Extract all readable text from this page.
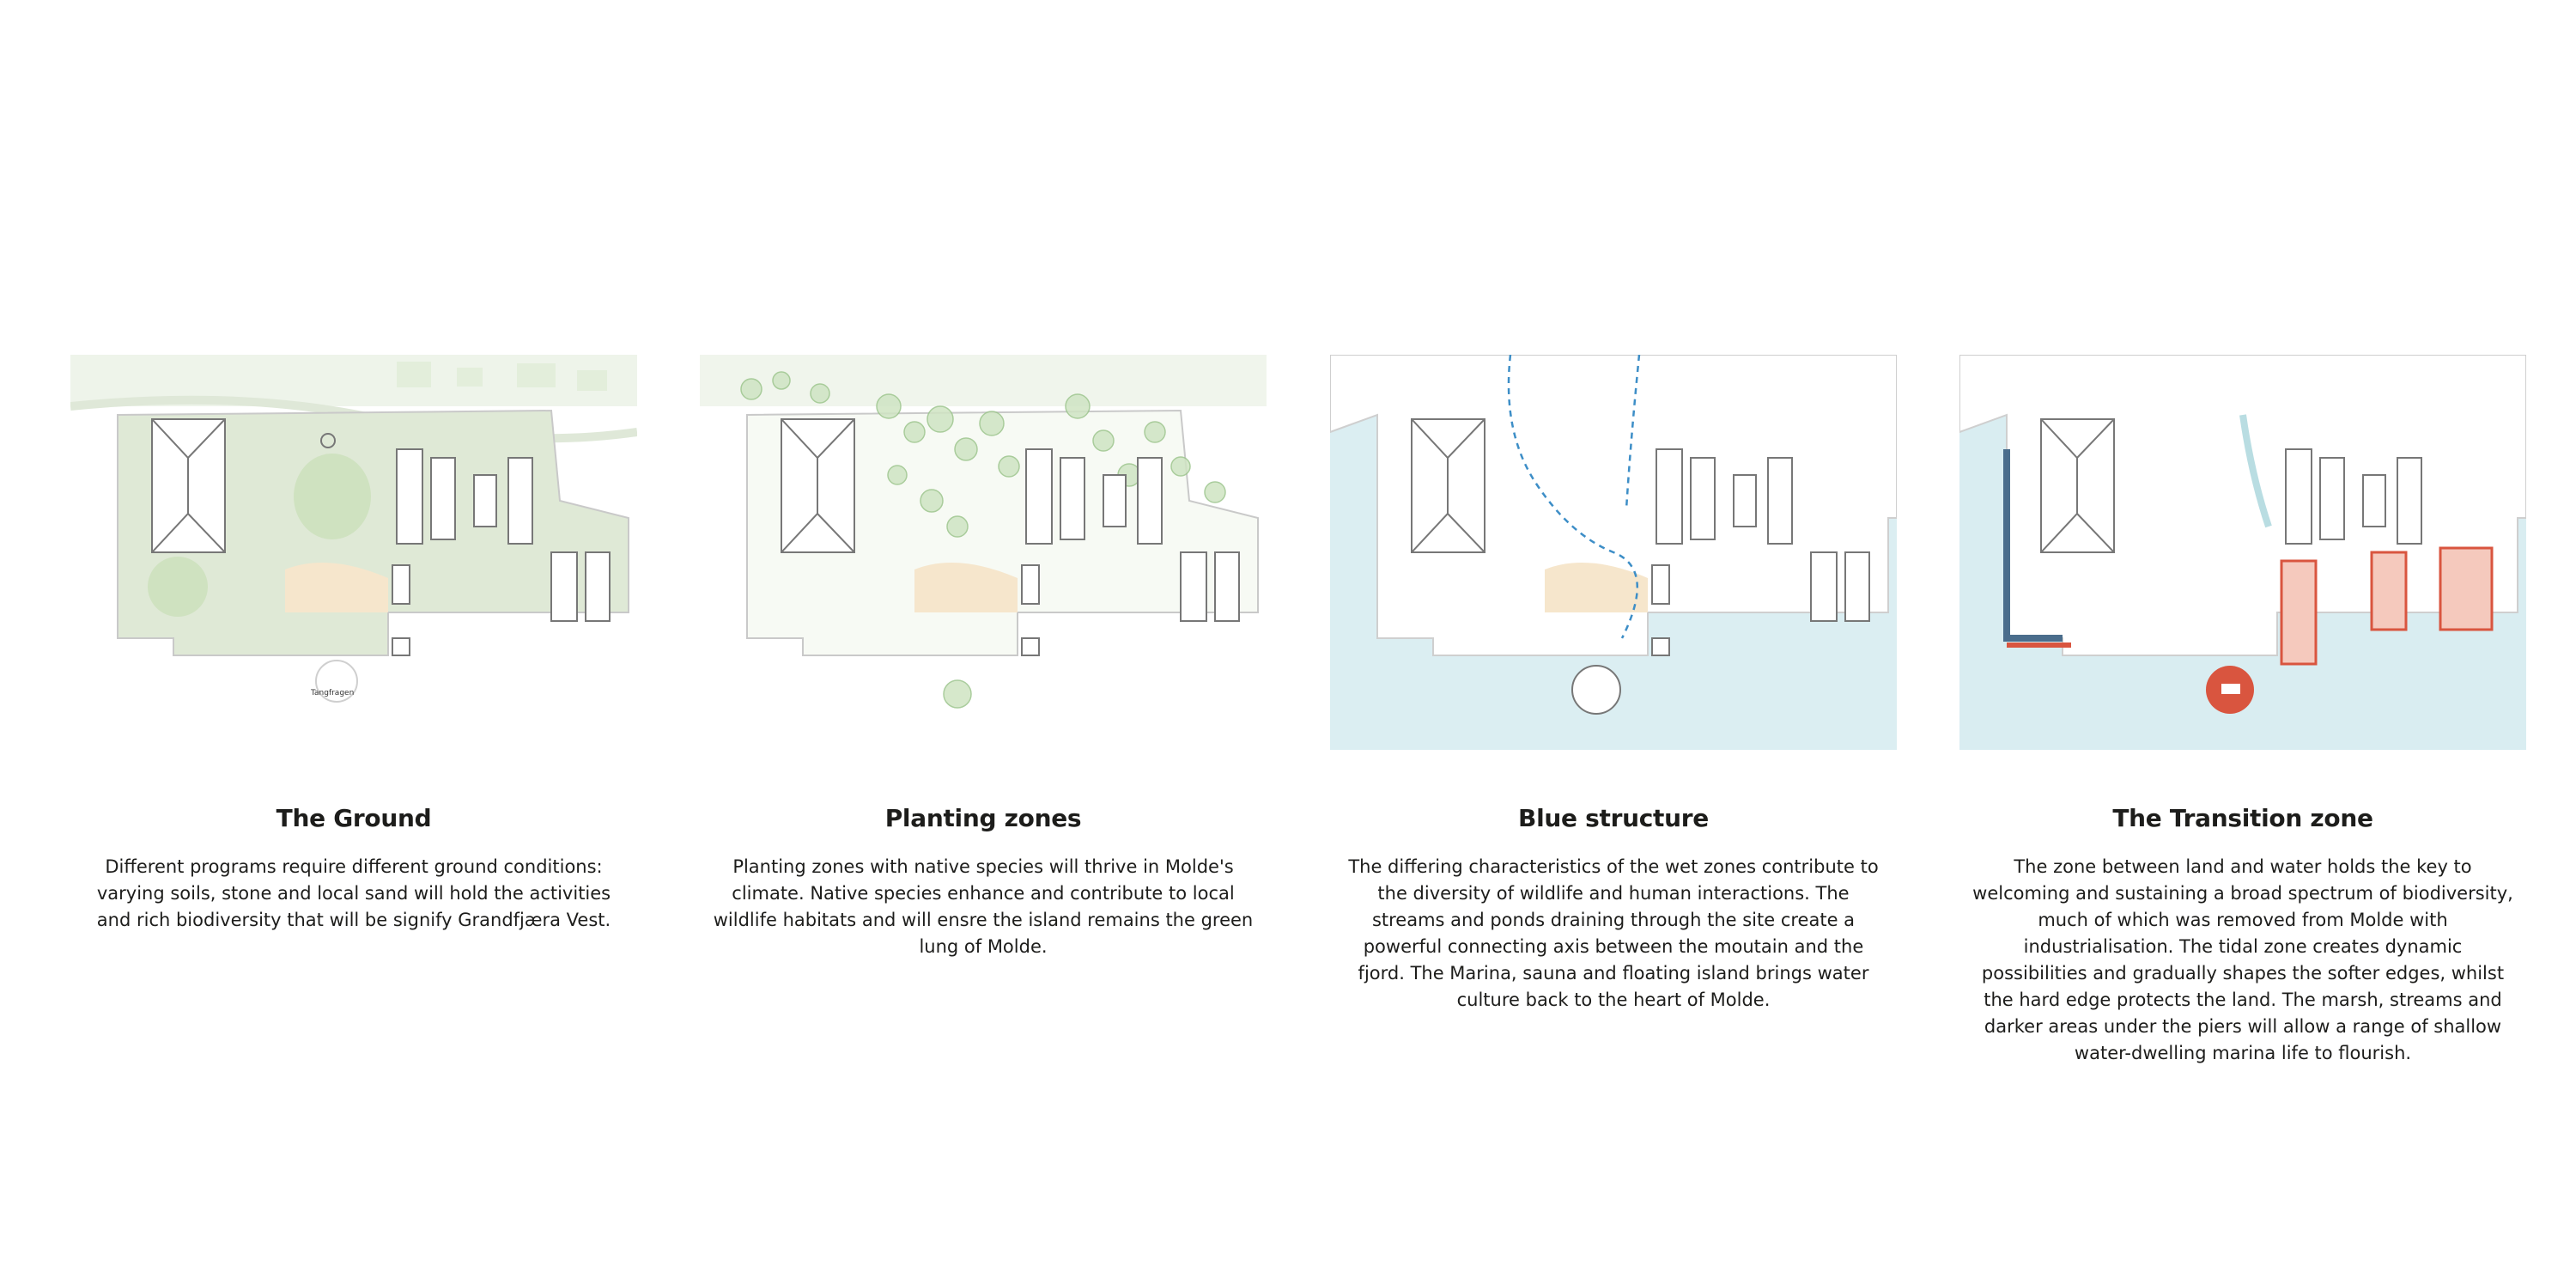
Tangfragen
The Ground
Different programs require different ground conditions: varying soils, stone and local sand will hold the activities and rich biodiversity that will be signify Grandfjæra Vest.
Planting zones
Planting zones with native species will thrive in Molde's climate. Native species enhance and contribute to local wildlife habitats and will ensre the island remains the green lung of Molde.
Blue structure
The differing characteristics of the wet zones contribute to the diversity of wildlife and human interactions. The streams and ponds draining through the site create a powerful connecting axis between the moutain and the fjord. The Marina, sauna and floating island brings water culture back to the heart of Molde.
The Transition zone
The zone between land and water holds the key to welcoming and sustaining a broad spectrum of biodiversity, much of which was removed from Molde with industrialisation. The tidal zone creates dynamic possibilities and gradually shapes the softer edges, whilst the hard edge protects the land. The marsh, streams and darker areas under the piers will allow a range of shallow water-dwelling marina life to flourish.
